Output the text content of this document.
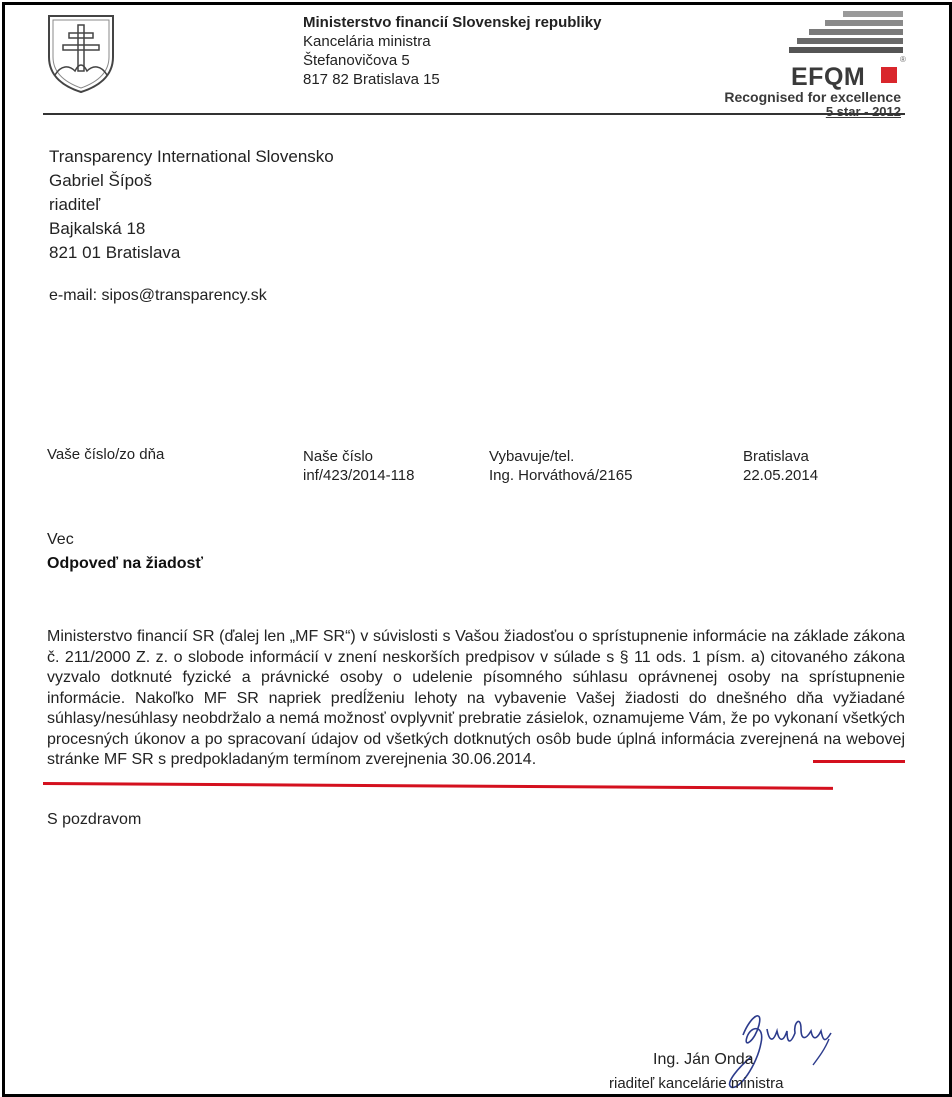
Ministerstvo financií Slovenskej republiky
Kancelária ministra
Štefanovičova 5
817 82 Bratislava 15	EFQM
®
Recognised for excellence
5 star - 2012
Transparency International Slovensko
Gabriel Šípoš
riaditeľ
Bajkalská 18
821 01 Bratislava
e-mail: sipos@transparency.sk
Vaše číslo/zo dňa	Naše číslo
inf/423/2014-118
Vybavuje/tel.
Ing. Horváthová/2165
Bratislava
22.05.2014
Vec
Odpoveď na žiadosť
Ministerstvo financií SR (ďalej len „MF SR“) v súvislosti s Vašou žiadosťou o sprístupnenie informácie na základe zákona č. 211/2000 Z. z. o slobode informácií v znení neskorších predpisov v súlade s § 11 ods. 1 písm. a) citovaného zákona vyzvalo dotknuté fyzické a právnické osoby o udelenie písomného súhlasu oprávnenej osoby na sprístupnenie informácie. Nakoľko MF SR napriek predĺženiu lehoty na vybavenie Vašej žiadosti do dnešného dňa vyžiadané súhlasy/nesúhlasy neobdržalo a nemá možnosť ovplyvniť prebratie zásielok, oznamujeme Vám, že po vykonaní všetkých procesných úkonov a po spracovaní údajov od všetkých dotknutých osôb bude úplná informácia zverejnená na webovej stránke MF SR s predpokladaným termínom zverejnenia 30.06.2014.
S pozdravom
Ing. Ján Onda
riaditeľ kancelárie ministra
